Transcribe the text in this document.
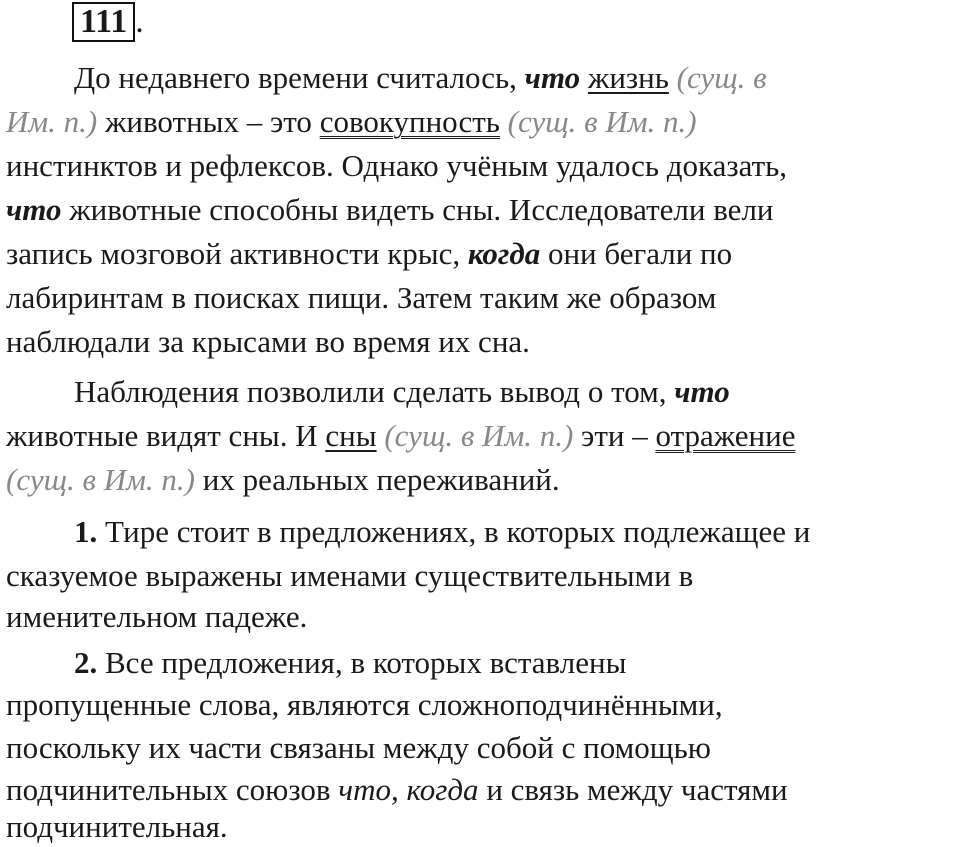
111 .
До недавнего времени считалось, что жизнь (сущ. в
Им. п.) животных – это совокупность (сущ. в Им. п.)
инстинктов и рефлексов. Однако учёным удалось доказать,
что животные способны видеть сны. Исследователи вели
запись мозговой активности крыс, когда они бегали по
лабиринтам в поисках пищи. Затем таким же образом
наблюдали за крысами во время их сна.
Наблюдения позволили сделать вывод о том, что
животные видят сны. И сны (сущ. в Им. п.) эти – отражение
(сущ. в Им. п.) их реальных переживаний.
1. Тире стоит в предложениях, в которых подлежащее и
сказуемое выражены именами существительными в
именительном падеже.
2. Все предложения, в которых вставлены
пропущенные слова, являются сложноподчинёнными,
поскольку их части связаны между собой с помощью
подчинительных союзов что, когда и связь между частями
подчинительная.
